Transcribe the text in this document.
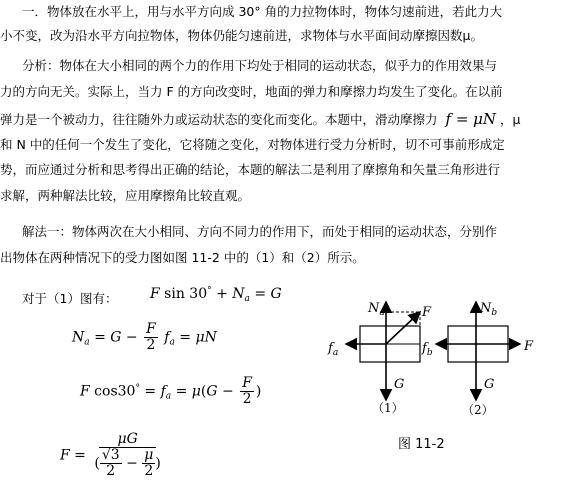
一．物体放在水平上，用与水平方向成 30° 角的力拉物体时，物体匀速前进，若此力大
小不变，改为沿水平方向拉物体，物体仍能匀速前进，求物体与水平面间动摩擦因数μ。
分析：物体在大小相同的两个力的作用下均处于相同的运动状态，似乎力的作用效果与
力的方向无关。实际上，当力 F 的方向改变时，地面的弹力和摩擦力均发生了变化。在以前
弹力是一个被动力，往往随外力或运动状态的变化而变化。本题中，滑动摩擦力 f = μN ，μ
和 N 中的任何一个发生了变化，它将随之变化，对物体进行受力分析时，切不可事前形成定
势，而应通过分析和思考得出正确的结论，本题的解法二是利用了摩擦角和矢量三角形进行
求解，两种解法比较，应用摩擦角比较直观。
解法一：物体两次在大小相同、方向不同力的作用下，而处于相同的运动状态，分别作
出物体在两种情况下的受力图如图 11-2 中的（1）和（2）所示。
对于（1）图有： F $\sin 30^\circ + N_a = G$
$N_a = G - \frac{F}{2} f_a = \mu N$
F $\cos 30^\circ = f_a = \mu(G - \frac{F}{2}$ )
$F = \frac{\mu G}{( \frac{√3}{2} - \frac{\mu}{2} )}$
$N_a$	F
$f_a$
G
$N_b$
$f_b$	F
G
（1）	（2）
图 11-2
